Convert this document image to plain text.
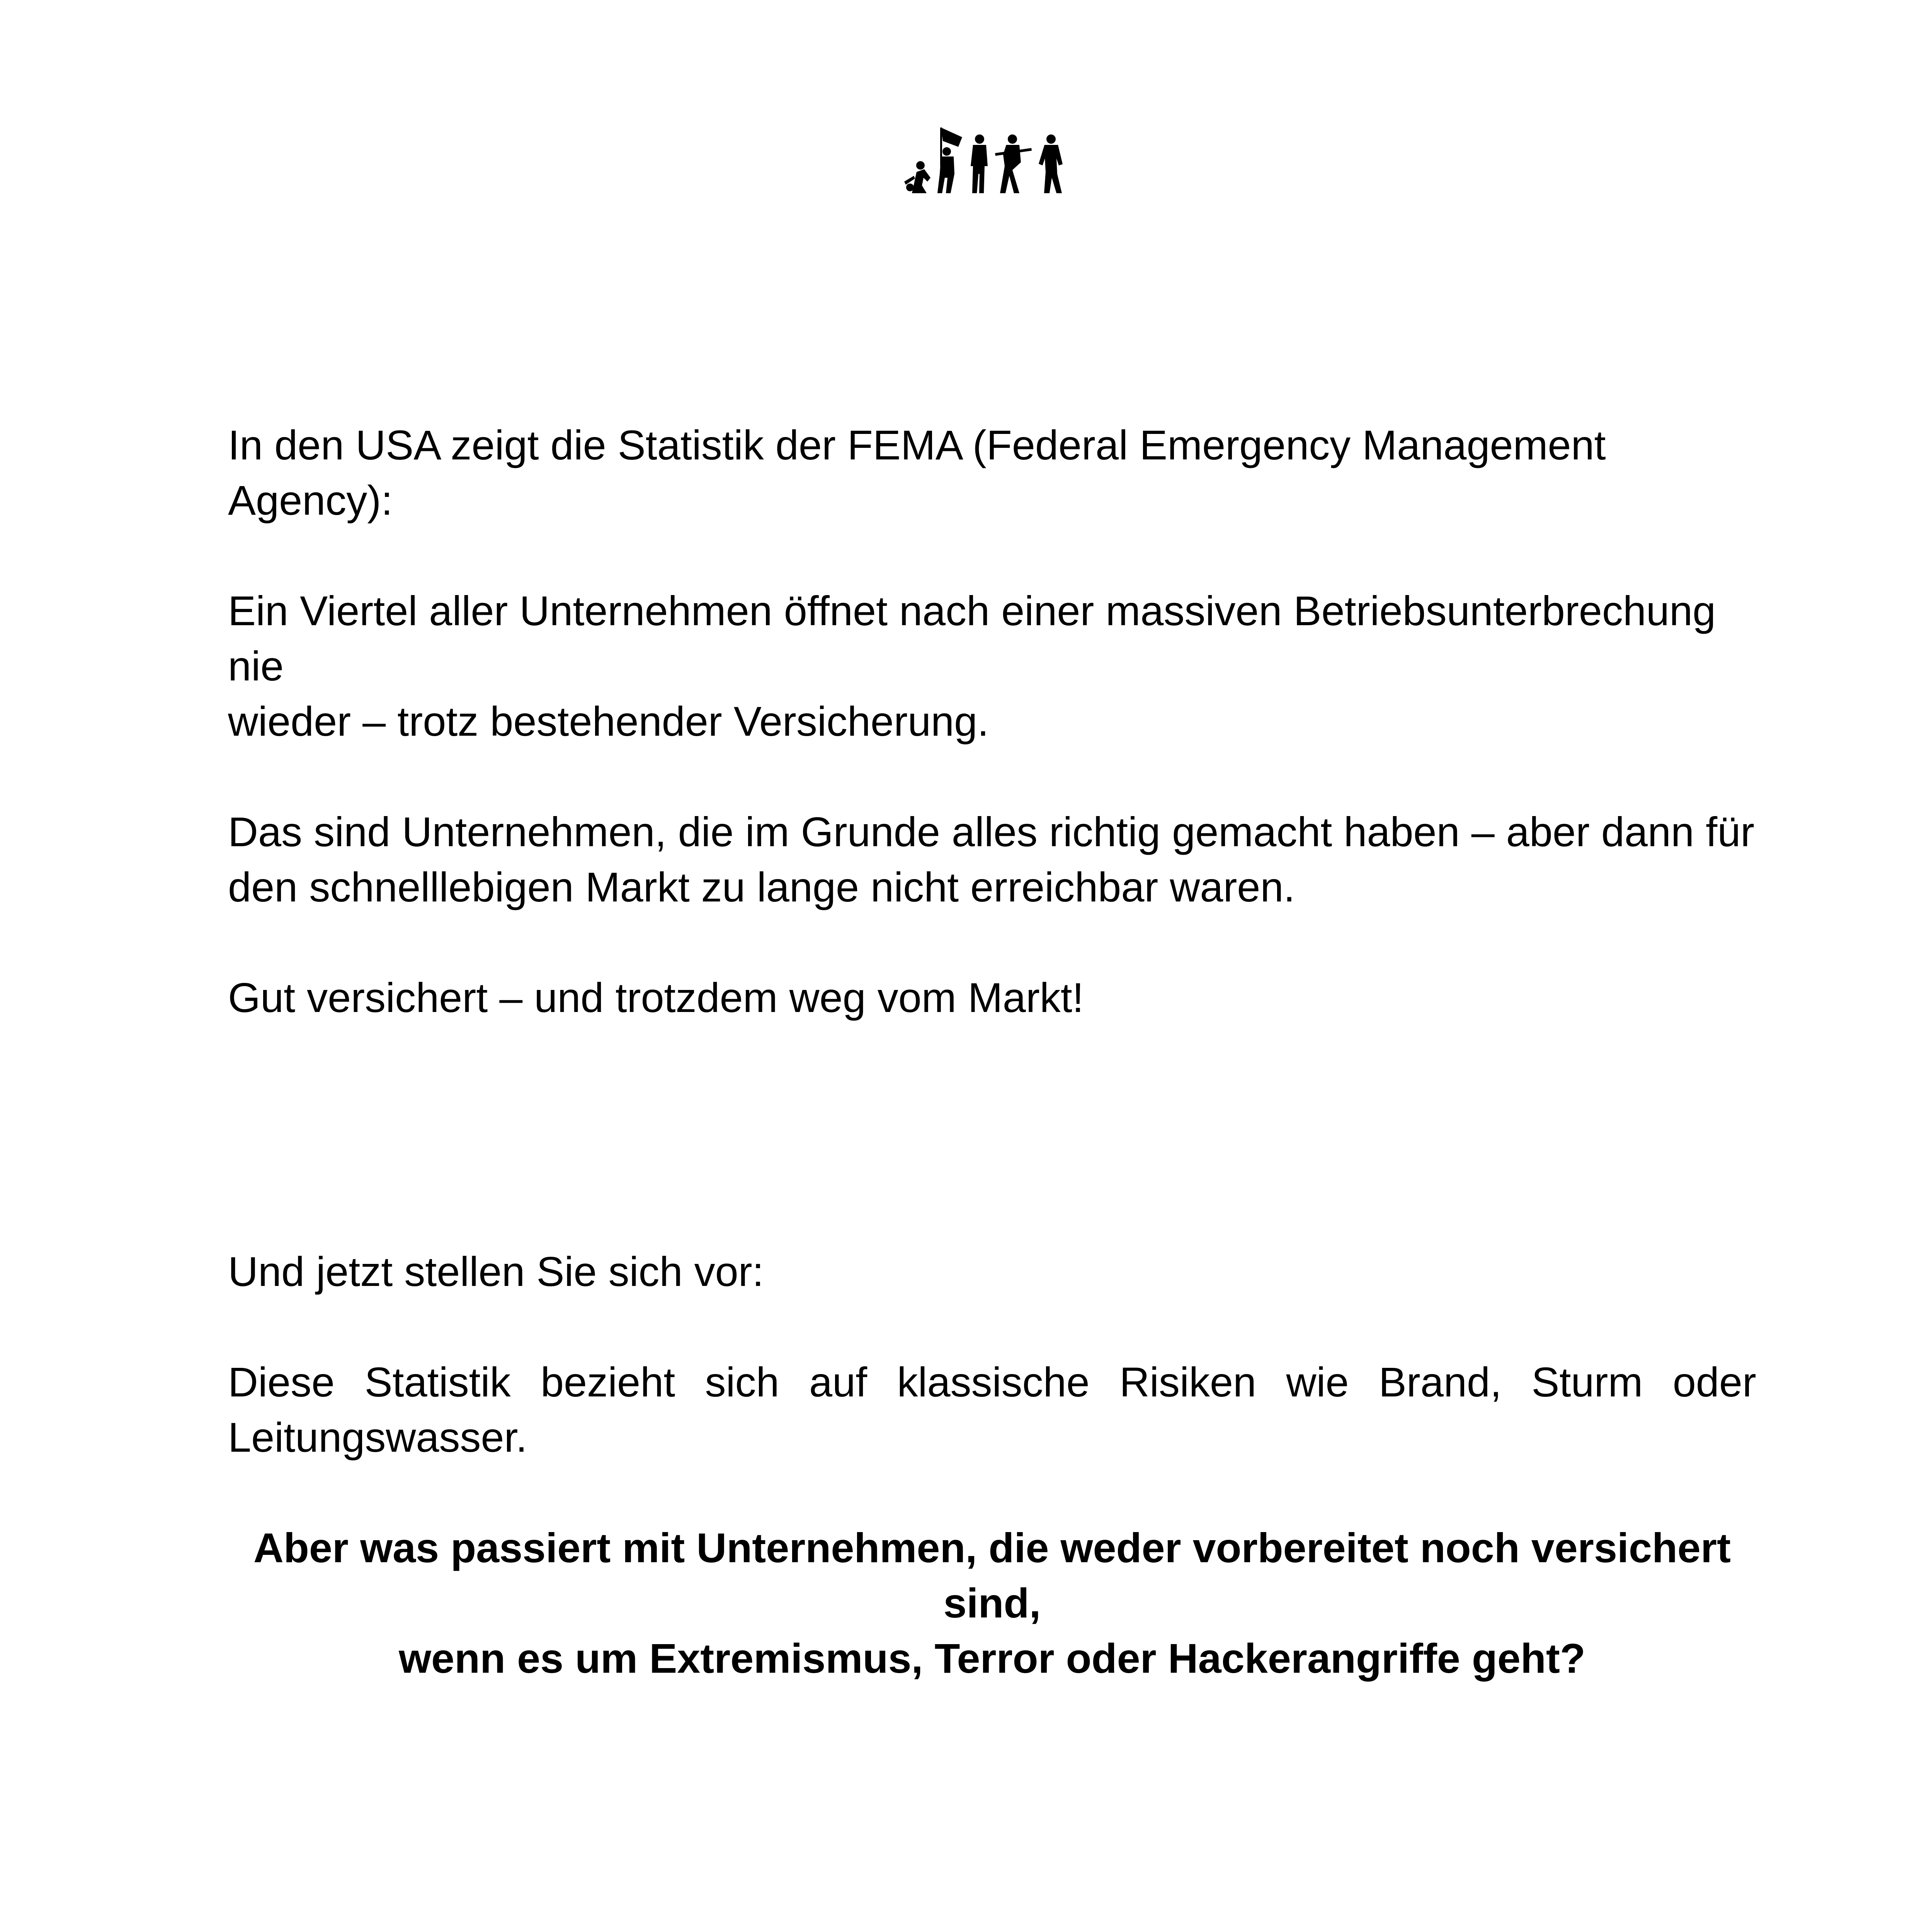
In den USA zeigt die Statistik der FEMA (Federal Emergency Management Agency):

Ein Viertel aller Unternehmen öffnet nach einer massiven Betriebsunterbrechung nie
wieder – trotz bestehender Versicherung.

Das sind Unternehmen, die im Grunde alles richtig gemacht haben – aber dann für
den schnelllebigen Markt zu lange nicht erreichbar waren.

Gut versichert – und trotzdem weg vom Markt!

Und jetzt stellen Sie sich vor:

Diese Statistik bezieht sich auf klassische Risiken wie Brand, Sturm oder Leitungswasser.

Aber was passiert mit Unternehmen, die weder vorbereitet noch versichert sind,
wenn es um Extremismus, Terror oder Hackerangriffe geht?
